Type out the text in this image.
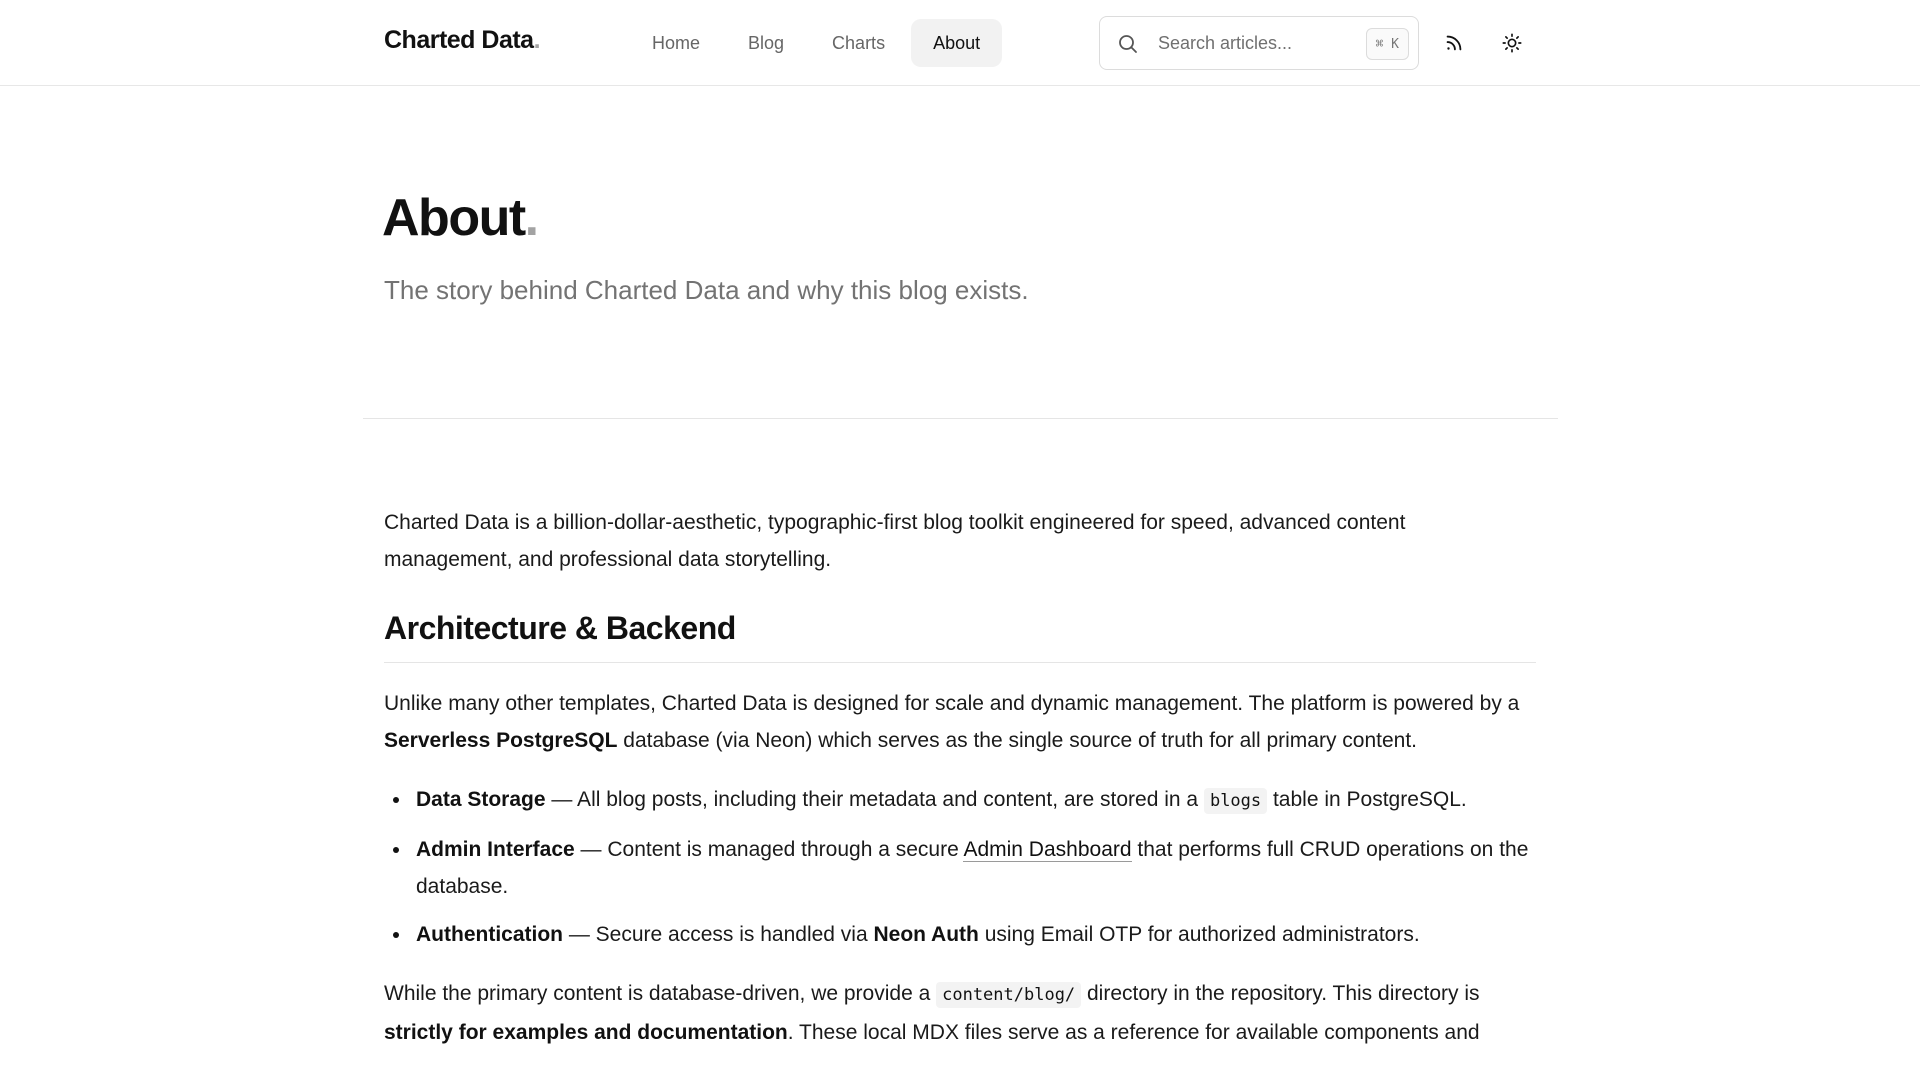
Charted Data.	Home	Blog	Charts	About
Search articles...	⌘ K
About.

The story behind Charted Data and why this blog exists.

Charted Data is a billion-dollar-aesthetic, typographic-first blog toolkit engineered for speed, advanced content management, and professional data storytelling.

Architecture & Backend

Unlike many other templates, Charted Data is designed for scale and dynamic management. The platform is powered by a Serverless PostgreSQL database (via Neon) which serves as the single source of truth for all primary content.

Data Storage — All blog posts, including their metadata and content, are stored in a blogs table in PostgreSQL.
Admin Interface — Content is managed through a secure Admin Dashboard that performs full CRUD operations on the database.
Authentication — Secure access is handled via Neon Auth using Email OTP for authorized administrators.

While the primary content is database-driven, we provide a content/blog/ directory in the repository. This directory is strictly for examples and documentation. These local MDX files serve as a reference for available components and
